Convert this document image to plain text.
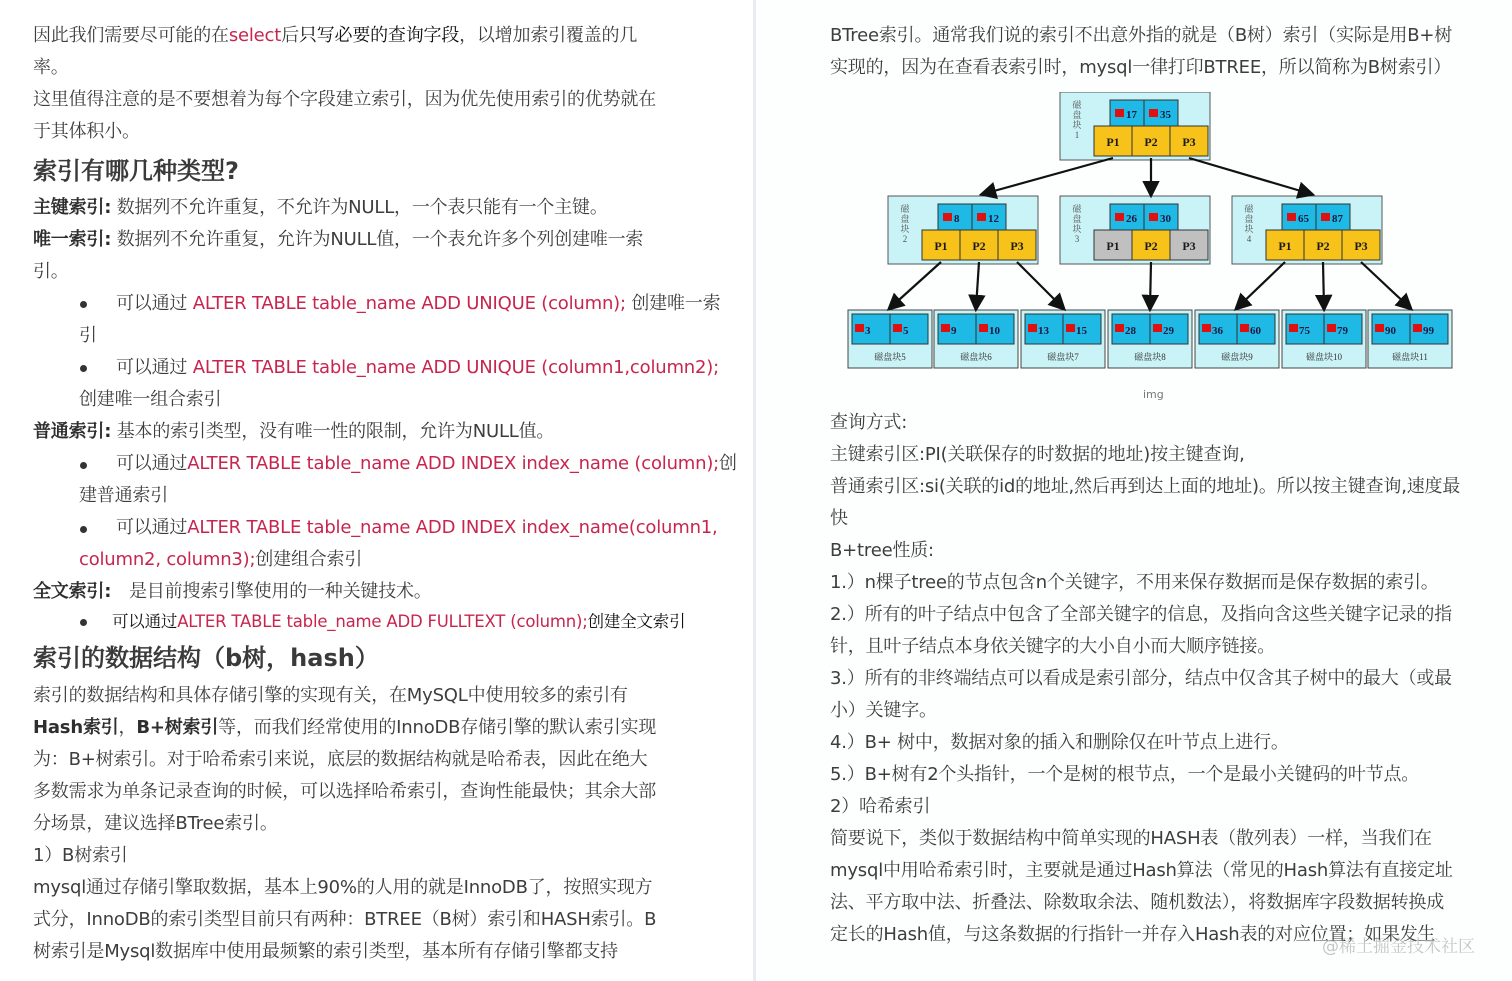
因此我们需要尽可能的在select后只写必要的查询字段，以增加索引覆盖的几
率。
这里值得注意的是不要想着为每个字段建立索引，因为优先使用索引的优势就在
于其体积小。
索引有哪几种类型?
主键索引: 数据列不允许重复，不允许为NULL，一个表只能有一个主键。
唯一索引: 数据列不允许重复，允许为NULL值，一个表允许多个列创建唯一索
引。
可以通过 ALTER TABLE table_name ADD UNIQUE (column); 创建唯一索
引
可以通过 ALTER TABLE table_name ADD UNIQUE (column1,column2);
创建唯一组合索引
普通索引: 基本的索引类型，没有唯一性的限制，允许为NULL值。
可以通过ALTER TABLE table_name ADD INDEX index_name (column);创
建普通索引
可以通过ALTER TABLE table_name ADD INDEX index_name(column1,
column2, column3);创建组合索引
全文索引:　是目前搜索引擎使用的一种关键技术。
可以通过ALTER TABLE table_name ADD FULLTEXT (column);创建全文索引
索引的数据结构（b树，hash）
索引的数据结构和具体存储引擎的实现有关，在MySQL中使用较多的索引有
Hash索引，B+树索引等，而我们经常使用的InnoDB存储引擎的默认索引实现
为：B+树索引。对于哈希索引来说，底层的数据结构就是哈希表，因此在绝大
多数需求为单条记录查询的时候，可以选择哈希索引，查询性能最快；其余大部
分场景，建议选择BTree索引。
1）B树索引
mysql通过存储引擎取数据，基本上90%的人用的就是InnoDB了，按照实现方
式分，InnoDB的索引类型目前只有两种：BTREE（B树）索引和HASH索引。B
树索引是Mysql数据库中使用最频繁的索引类型，基本所有存储引擎都支持
BTree索引。通常我们说的索引不出意外指的就是（B树）索引（实际是用B+树
实现的，因为在查看表索引时，mysql一律打印BTREE，所以简称为B树索引）
磁
盘
块
1
17 35
P1 P2 P3
磁
盘
块
2
8	12
P1 P2 P3
磁
盘
块
3
26 30
P1 P2 P3
磁
盘
块
4
65 87
P1 P2 P3
3	5
磁盘块5
9	10
磁盘块6
13 15
磁盘块7
28 29
磁盘块8
36 60
磁盘块9
75 79
磁盘块10
90 99
磁盘块11
img
查询方式:
主键索引区:PI(关联保存的时数据的地址)按主键查询,
普通索引区:si(关联的id的地址,然后再到达上面的地址)。所以按主键查询,速度最
快
B+tree性质:
1.）n棵子tree的节点包含n个关键字，不用来保存数据而是保存数据的索引。
2.）所有的叶子结点中包含了全部关键字的信息，及指向含这些关键字记录的指
针，且叶子结点本身依关键字的大小自小而大顺序链接。
3.）所有的非终端结点可以看成是索引部分，结点中仅含其子树中的最大（或最
小）关键字。
4.）B+ 树中，数据对象的插入和删除仅在叶节点上进行。
5.）B+树有2个头指针，一个是树的根节点，一个是最小关键码的叶节点。
2）哈希索引
简要说下，类似于数据结构中简单实现的HASH表（散列表）一样，当我们在
mysql中用哈希索引时，主要就是通过Hash算法（常见的Hash算法有直接定址
法、平方取中法、折叠法、除数取余法、随机数法），将数据库字段数据转换成
定长的Hash值，与这条数据的行指针一并存入Hash表的对应位置；如果发生
@稀土掘金技术社区
